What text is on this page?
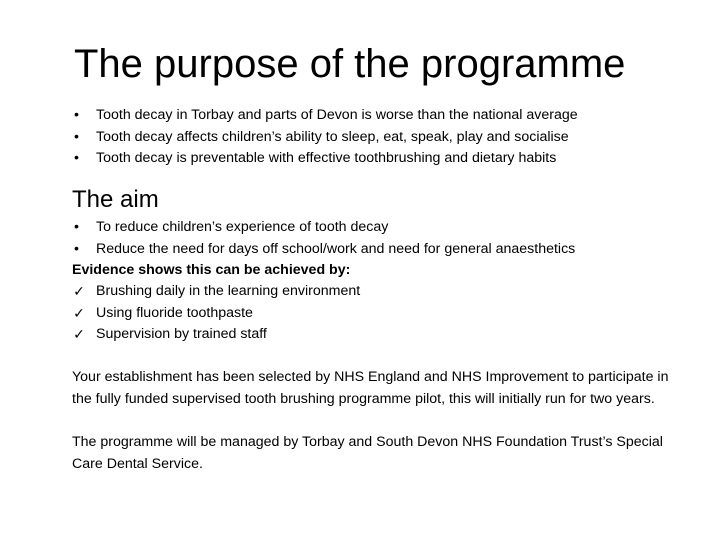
The purpose of the programme
• Tooth decay in Torbay and parts of Devon is worse than the national average
• Tooth decay affects children’s ability to sleep, eat, speak, play and socialise
• Tooth decay is preventable with effective toothbrushing and dietary habits
The aim
• To reduce children’s experience of tooth decay
• Reduce the need for days off school/work and need for general anaesthetics
Evidence shows this can be achieved by:
✓ Brushing daily in the learning environment
✓ Using fluoride toothpaste
✓ Supervision by trained staff

Your establishment has been selected by NHS England and NHS Improvement to participate in the fully funded supervised tooth brushing programme pilot, this will initially run for two years.

The programme will be managed by Torbay and South Devon NHS Foundation Trust’s Special Care Dental Service.
